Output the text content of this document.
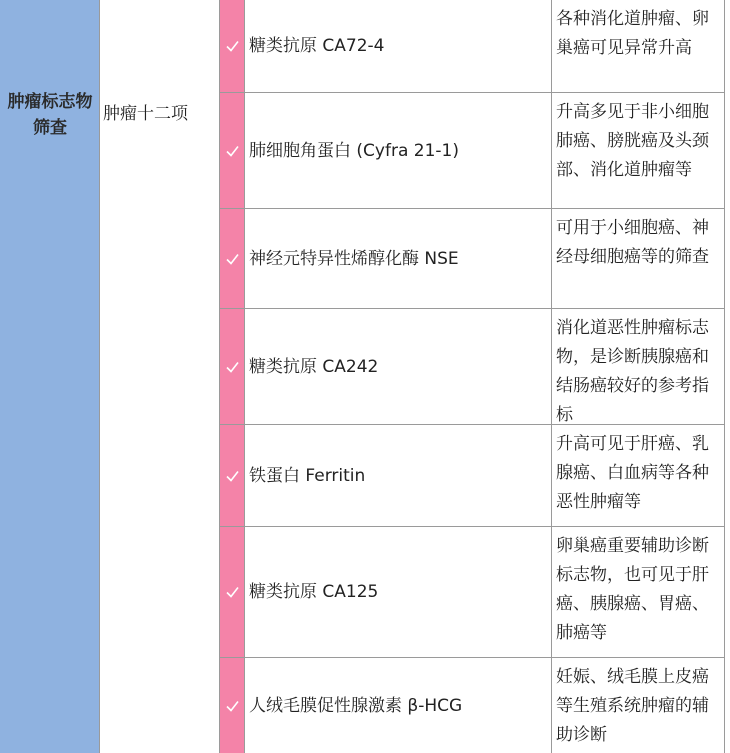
肿瘤标志物筛查
肿瘤十二项
糖类抗原 CA72-4
各种消化道肿瘤、卵巢癌可见异常升高
肺细胞角蛋白 (Cyfra 21-1)
升高多见于非小细胞肺癌、膀胱癌及头颈部、消化道肿瘤等
神经元特异性烯醇化酶 NSE
可用于小细胞癌、神经母细胞癌等的筛查
糖类抗原 CA242
消化道恶性肿瘤标志物，是诊断胰腺癌和结肠癌较好的参考指标
铁蛋白 Ferritin
升高可见于肝癌、乳腺癌、白血病等各种恶性肿瘤等
糖类抗原 CA125
卵巢癌重要辅助诊断标志物，也可见于肝癌、胰腺癌、胃癌、肺癌等
人绒毛膜促性腺激素 β-HCG
妊娠、绒毛膜上皮癌等生殖系统肿瘤的辅助诊断
